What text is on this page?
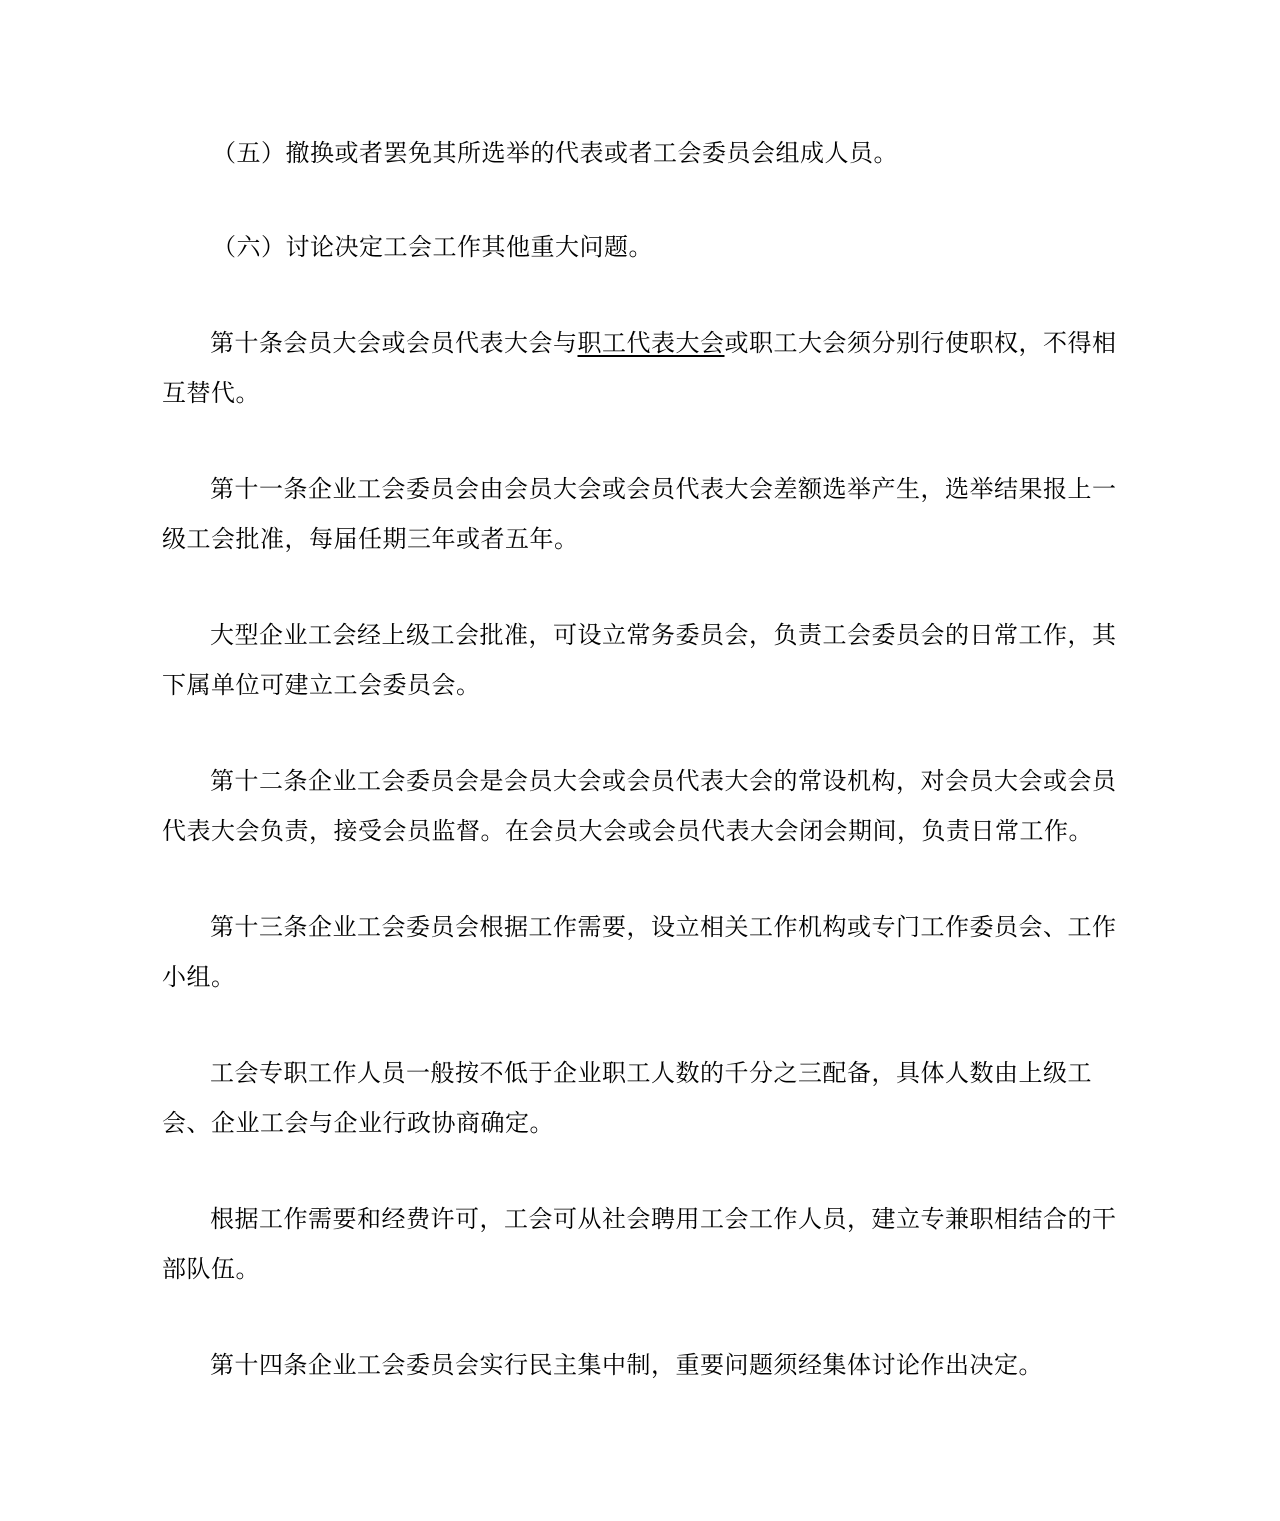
（五）撤换或者罢免其所选举的代表或者工会委员会组成人员。

（六）讨论决定工会工作其他重大问题。

第十条会员大会或会员代表大会与职工代表大会或职工大会须分别行使职权，不得相互替代。

第十一条企业工会委员会由会员大会或会员代表大会差额选举产生，选举结果报上一级工会批准，每届任期三年或者五年。

大型企业工会经上级工会批准，可设立常务委员会，负责工会委员会的日常工作，其下属单位可建立工会委员会。

第十二条企业工会委员会是会员大会或会员代表大会的常设机构，对会员大会或会员代表大会负责，接受会员监督。在会员大会或会员代表大会闭会期间，负责日常工作。

第十三条企业工会委员会根据工作需要，设立相关工作机构或专门工作委员会、工作小组。

工会专职工作人员一般按不低于企业职工人数的千分之三配备，具体人数由上级工会、企业工会与企业行政协商确定。

根据工作需要和经费许可，工会可从社会聘用工会工作人员，建立专兼职相结合的干部队伍。

第十四条企业工会委员会实行民主集中制，重要问题须经集体讨论作出决定。
